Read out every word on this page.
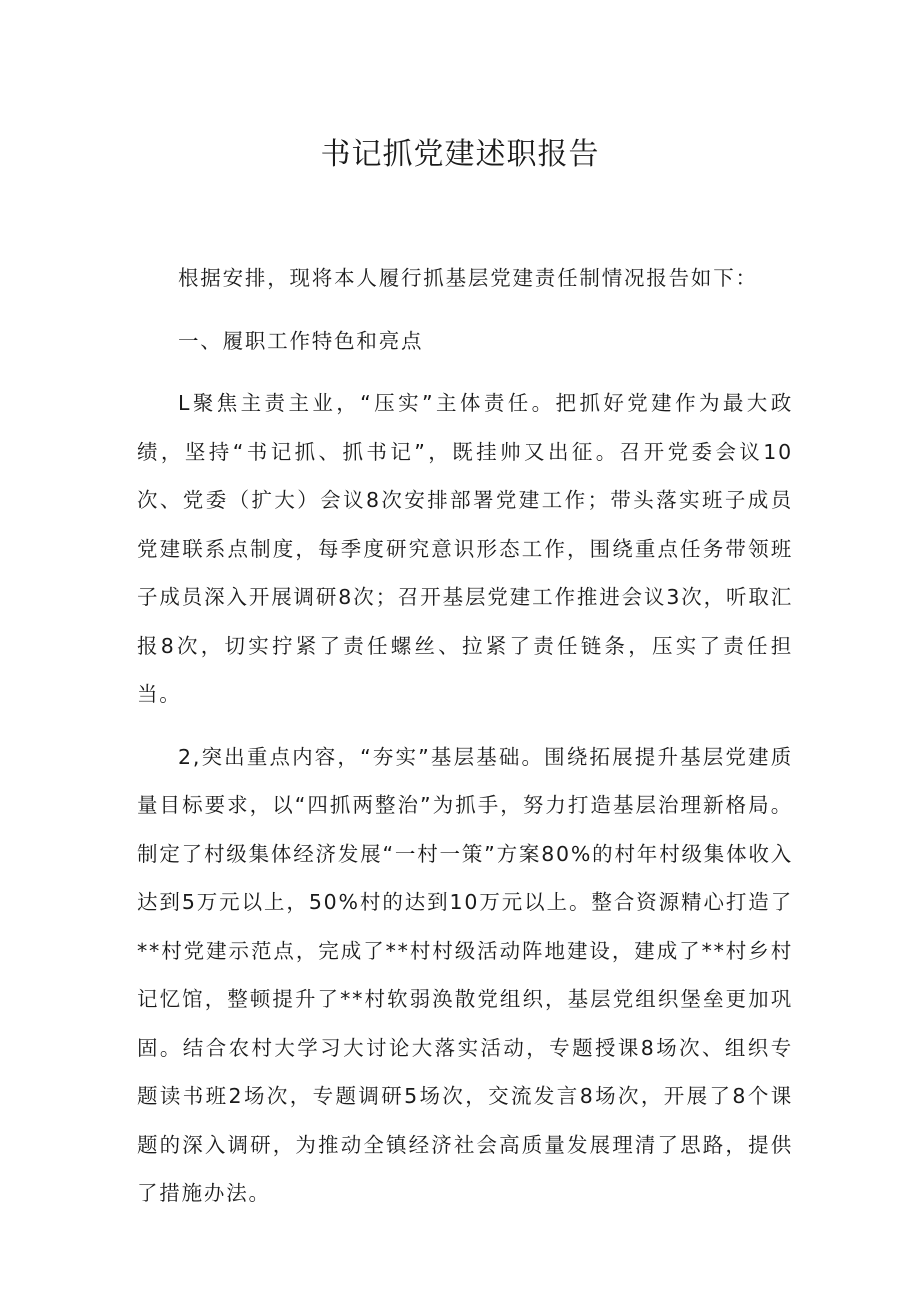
书记抓党建述职报告

根据安排，现将本人履行抓基层党建责任制情况报告如下：

一、履职工作特色和亮点

L聚焦主责主业，“压实”主体责任。把抓好党建作为最大政绩，坚持“书记抓、抓书记”，既挂帅又出征。召开党委会议10次、党委（扩大）会议8次安排部署党建工作；带头落实班子成员党建联系点制度，每季度研究意识形态工作，围绕重点任务带领班子成员深入开展调研8次；召开基层党建工作推进会议3次，听取汇报8次，切实拧紧了责任螺丝、拉紧了责任链条，压实了责任担当。

2,突出重点内容，“夯实”基层基础。围绕拓展提升基层党建质量目标要求，以“四抓两整治”为抓手，努力打造基层治理新格局。制定了村级集体经济发展“一村一策”方案80%的村年村级集体收入达到5万元以上，50%村的达到10万元以上。整合资源精心打造了**村党建示范点，完成了**村村级活动阵地建设，建成了**村乡村记忆馆，整顿提升了**村软弱涣散党组织，基层党组织堡垒更加巩固。结合农村大学习大讨论大落实活动，专题授课8场次、组织专题读书班2场次，专题调研5场次，交流发言8场次，开展了8个课题的深入调研，为推动全镇经济社会高质量发展理清了思路，提供了措施办法。
